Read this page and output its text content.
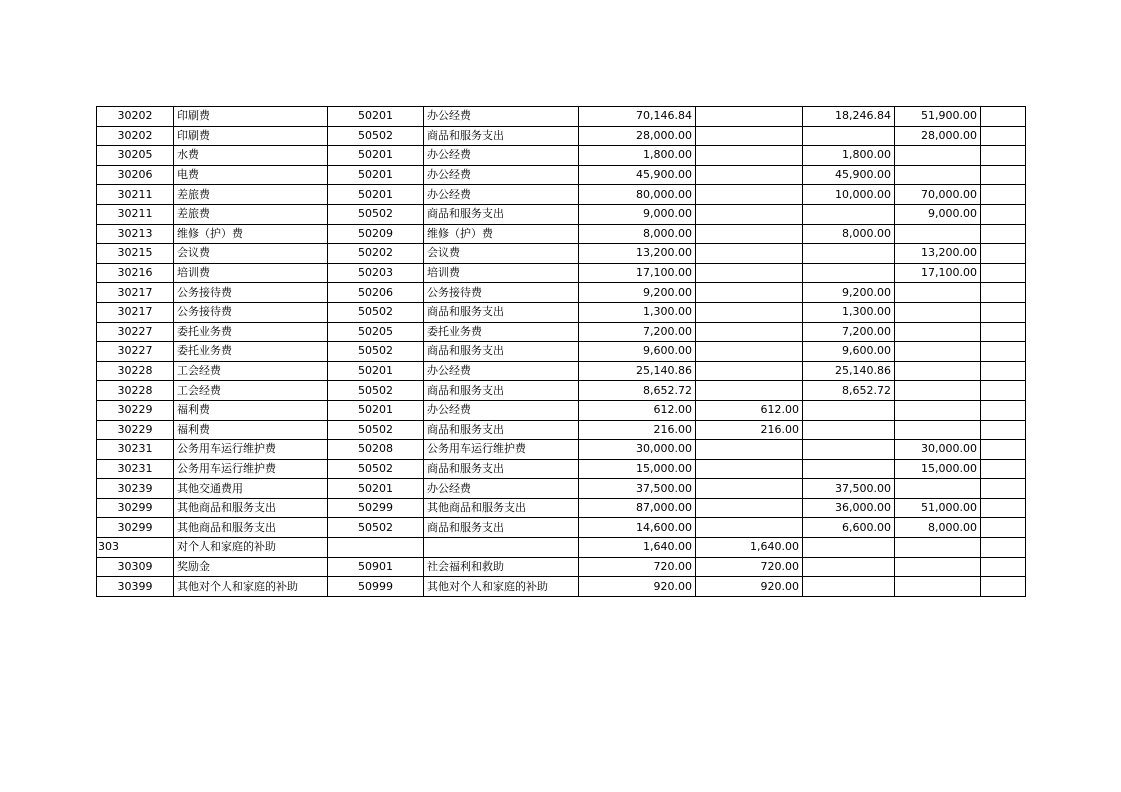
30202	印刷费	50201	办公经费	70,146.84		18,246.84	51,900.00	
30202	印刷费	50502	商品和服务支出	28,000.00			28,000.00	
30205	水费	50201	办公经费	1,800.00		1,800.00		
30206	电费	50201	办公经费	45,900.00		45,900.00		
30211	差旅费	50201	办公经费	80,000.00		10,000.00	70,000.00	
30211	差旅费	50502	商品和服务支出	9,000.00			9,000.00	
30213	维修（护）费	50209	维修（护）费	8,000.00		8,000.00		
30215	会议费	50202	会议费	13,200.00			13,200.00	
30216	培训费	50203	培训费	17,100.00			17,100.00	
30217	公务接待费	50206	公务接待费	9,200.00		9,200.00		
30217	公务接待费	50502	商品和服务支出	1,300.00		1,300.00		
30227	委托业务费	50205	委托业务费	7,200.00		7,200.00		
30227	委托业务费	50502	商品和服务支出	9,600.00		9,600.00		
30228	工会经费	50201	办公经费	25,140.86		25,140.86		
30228	工会经费	50502	商品和服务支出	8,652.72		8,652.72		
30229	福利费	50201	办公经费	612.00	612.00			
30229	福利费	50502	商品和服务支出	216.00	216.00			
30231	公务用车运行维护费	50208	公务用车运行维护费	30,000.00			30,000.00	
30231	公务用车运行维护费	50502	商品和服务支出	15,000.00			15,000.00	
30239	其他交通费用	50201	办公经费	37,500.00		37,500.00		
30299	其他商品和服务支出	50299	其他商品和服务支出	87,000.00		36,000.00	51,000.00	
30299	其他商品和服务支出	50502	商品和服务支出	14,600.00		6,600.00	8,000.00	
303	对个人和家庭的补助			1,640.00	1,640.00			
30309	奖励金	50901	社会福利和救助	720.00	720.00			
30399	其他对个人和家庭的补助	50999	其他对个人和家庭的补助	920.00	920.00			
